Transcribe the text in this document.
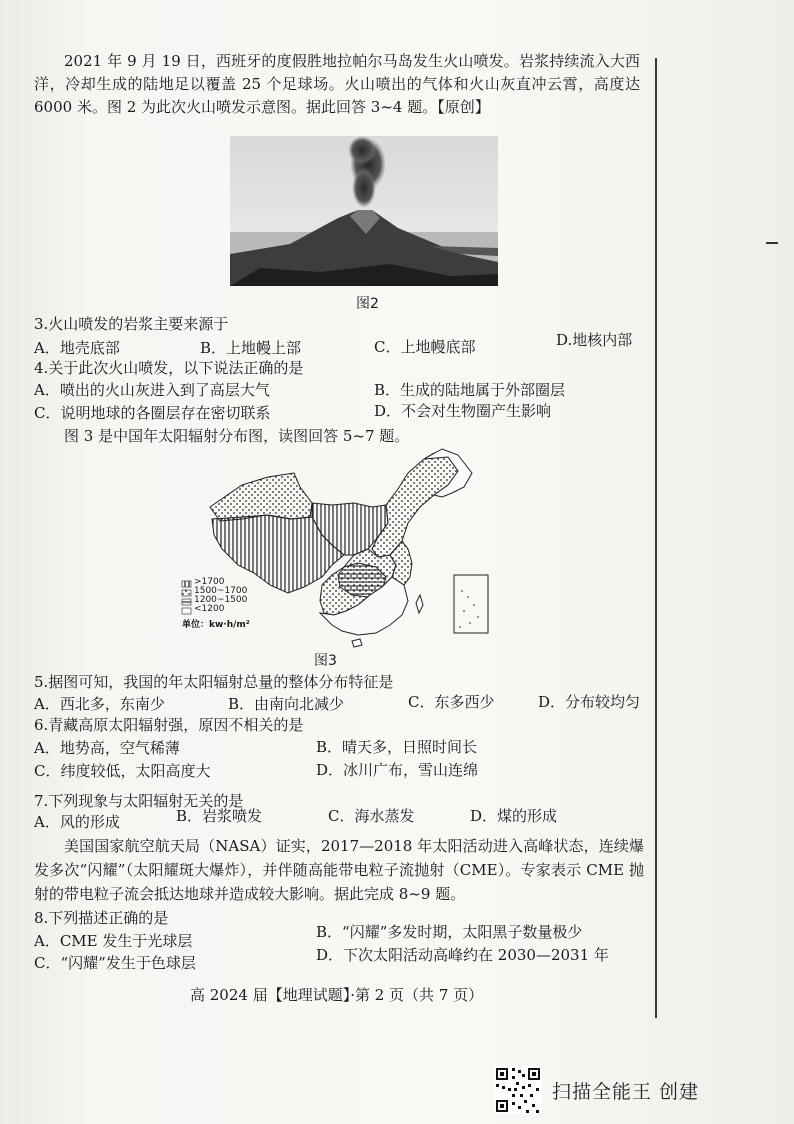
2021 年 9 月 19 日，西班牙的度假胜地拉帕尔马岛发生火山喷发。岩浆持续流入大西洋，冷却生成的陆地足以覆盖 25 个足球场。火山喷出的气体和火山灰直冲云霄，高度达 6000 米。图 2 为此次火山喷发示意图。据此回答 3~4 题。【原创】

图2
3.火山喷发的岩浆主要来源于
A．地壳底部	B．上地幔上部	C．上地幔底部	D.地核内部
4.关于此次火山喷发，以下说法正确的是
A．喷出的火山灰进入到了高层大气	B．生成的陆地属于外部圈层
C．说明地球的各圈层存在密切联系	D．不会对生物圈产生影响
图 3 是中国年太阳辐射分布图，读图回答 5~7 题。
>1700
1500~1700
1200~1500
<1200
单位：kw·h/m²
图3
5.据图可知，我国的年太阳辐射总量的整体分布特征是
A．西北多，东南少	B．由南向北减少	C．东多西少	D．分布较均匀
6.青藏高原太阳辐射强，原因不相关的是
A．地势高，空气稀薄	B．晴天多，日照时间长
C．纬度较低，太阳高度大	D．冰川广布，雪山连绵
7.下列现象与太阳辐射无关的是
A．风的形成	B．岩浆喷发	C．海水蒸发	D．煤的形成

美国国家航空航天局（NASA）证实，2017—2018 年太阳活动进入高峰状态，连续爆发多次“闪耀”（太阳耀斑大爆炸），并伴随高能带电粒子流抛射（CME）。专家表示 CME 抛射的带电粒子流会抵达地球并造成较大影响。据此完成 8~9 题。

8.下列描述正确的是
A．CME 发生于光球层	B．“闪耀”多发时期，太阳黑子数量极少
C．“闪耀”发生于色球层	D．下次太阳活动高峰约在 2030—2031 年
高 2024 届【地理试题】·第 2 页（共 7 页）
扫描全能王 创建
